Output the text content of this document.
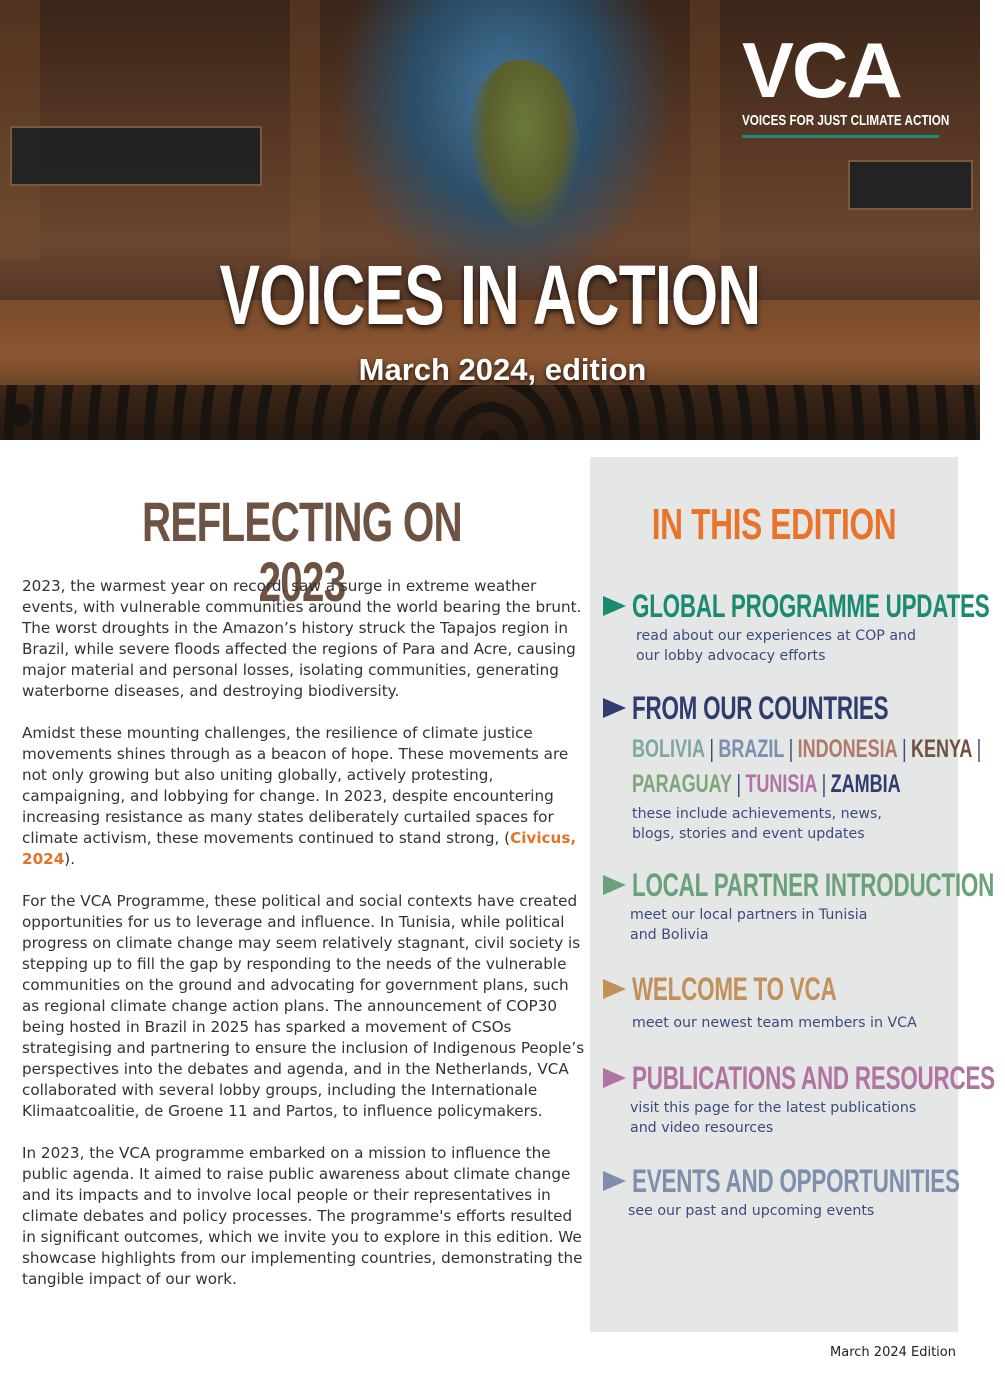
VOICES IN ACTION
March 2024, edition
VCA
VOICES FOR JUST CLIMATE ACTION
REFLECTING ON 2023

2023, the warmest year on record, saw a surge in extreme weather events, with vulnerable communities around the world bearing the brunt. The worst droughts in the Amazon’s history struck the Tapajos region in Brazil, while severe floods affected the regions of Para and Acre, causing major material and personal losses, isolating communities, generating waterborne diseases, and destroying biodiversity.

Amidst these mounting challenges, the resilience of climate justice movements shines through as a beacon of hope. These movements are not only growing but also uniting globally, actively protesting, campaigning, and lobbying for change. In 2023, despite encountering increasing resistance as many states deliberately curtailed spaces for climate activism, these movements continued to stand strong, (Civicus, 2024).

For the VCA Programme, these political and social contexts have created opportunities for us to leverage and influence. In Tunisia, while political progress on climate change may seem relatively stagnant, civil society is stepping up to fill the gap by responding to the needs of the vulnerable communities on the ground and advocating for government plans, such as regional climate change action plans. The announcement of COP30 being hosted in Brazil in 2025 has sparked a movement of CSOs strategising and partnering to ensure the inclusion of Indigenous People’s perspectives into the debates and agenda, and in the Netherlands, VCA collaborated with several lobby groups, including the Internationale Klimaatcoalitie, de Groene 11 and Partos, to influence policymakers.

In 2023, the VCA programme embarked on a mission to influence the public agenda. It aimed to raise public awareness about climate change and its impacts and to involve local people or their representatives in climate debates and policy processes. The programme's efforts resulted in significant outcomes, which we invite you to explore in this edition. We showcase highlights from our implementing countries, demonstrating the tangible impact of our work.

IN THIS EDITION
GLOBAL PROGRAMME UPDATES
read about our experiences at COP and
our lobby advocacy efforts
FROM OUR COUNTRIES
BOLIVIA | BRAZIL | INDONESIA | KENYA |
PARAGUAY | TUNISIA | ZAMBIA
these include achievements, news,
blogs, stories and event updates
LOCAL PARTNER INTRODUCTION
meet our local partners in Tunisia
and Bolivia
WELCOME TO VCA
meet our newest team members in VCA
PUBLICATIONS AND RESOURCES
visit this page for the latest publications
and video resources
EVENTS AND OPPORTUNITIES
see our past and upcoming events
March 2024 Edition
